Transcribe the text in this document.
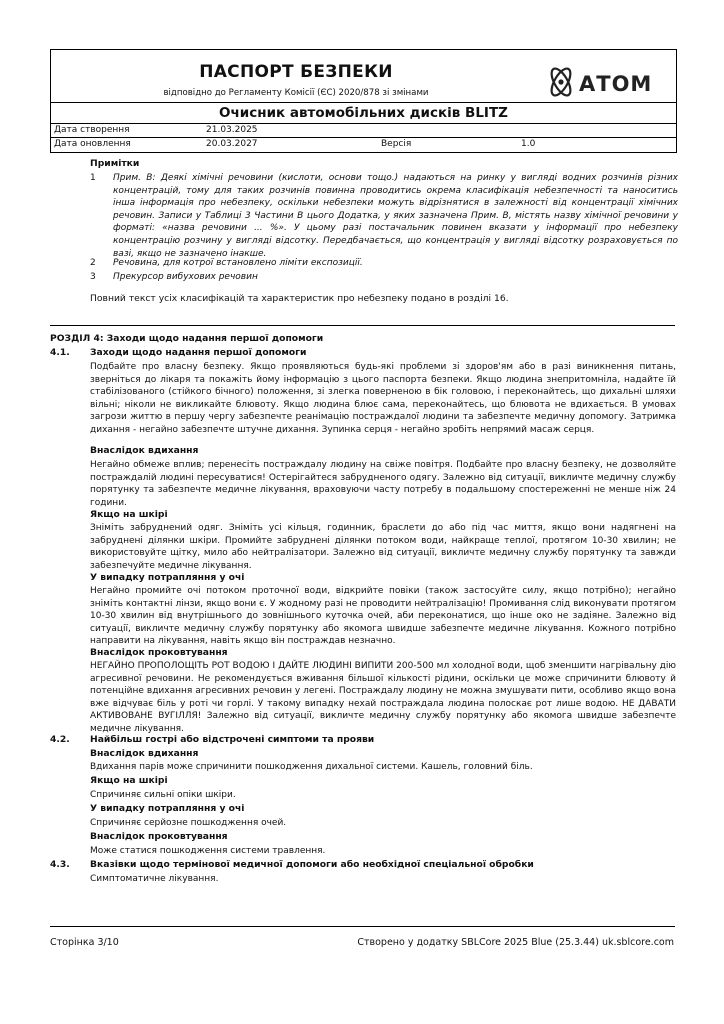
ПАСПОРТ БЕЗПЕКИ
відповідно до Регламенту Комісії (ЄС) 2020/878 зі змінами	АТОМ
Очисник автомобільних дисків BLITZ
Дата створення	21.03.2025
Дата оновлення	20.03.2027	Версія	1.0
Примітки
1 Прим. В: Деякі хімічні речовини (кислоти, основи тощо.) надаються на ринку у вигляді водних розчинів різних концентрацій, тому для таких розчинів повинна проводитись окрема класифікація небезпечності та наноситись інша інформація про небезпеку, оскільки небезпеки можуть відрізнятися в залежності від концентрації хімічних речовин. Записи у Таблиці 3 Частини В цього Додатка, у яких зазначена Прим. В, містять назву хімічної речовини у форматі: «назва речовини ... %». У цьому разі постачальник повинен вказати у інформації про небезпеку концентрацію розчину у вигляді відсотку. Передбачається, що концентрація у вигляді відсотку розраховується по вазі, якщо не зазначено інакше.
2 Речовина, для котрої встановлено ліміти експозиції.
3 Прекурсор вибухових речовин
Повний текст усіх класифікацій та характеристик про небезпеку подано в розділі 16.
РОЗДІЛ 4: Заходи щодо надання першої допомоги
4.1. Заходи щодо надання першої допомоги
Подбайте про власну безпеку. Якщо проявляються будь-які проблеми зі здоров'ям або в разі виникнення питань, зверніться до лікаря та покажіть йому інформацію з цього паспорта безпеки. Якщо людина знепритомніла, надайте їй стабілізованого (стійкого бічного) положення, зі злегка поверненою в бік головою, і переконайтесь, що дихальні шляхи вільні; ніколи не викликайте блювоту. Якщо людина блює сама, переконайтесь, що блювота не вдихається. В умовах загрози життю в першу чергу забезпечте реанімацію постраждалої людини та забезпечте медичну допомогу. Затримка дихання - негайно забезпечте штучне дихання. Зупинка серця - негайно зробіть непрямий масаж серця.
Внаслідок вдихання
Негайно обмеже вплив; перенесіть постраждалу людину на свіже повітря. Подбайте про власну безпеку, не дозволяйте постраждалій людині пересуватися! Остерігайтеся забрудненого одягу. Залежно від ситуації, викличте медичну службу порятунку та забезпечте медичне лікування, враховуючи часту потребу в подальшому спостереженні не менше ніж 24 години.
Якщо на шкірі
Зніміть забруднений одяг. Зніміть усі кільця, годинник, браслети до або під час миття, якщо вони надягнені на забруднені ділянки шкіри. Промийте забруднені ділянки потоком води, найкраще теплої, протягом 10-30 хвилин; не використовуйте щітку, мило або нейтралізатори. Залежно від ситуації, викличте медичну службу порятунку та завжди забезпечуйте медичне лікування.
У випадку потрапляння у очі
Негайно промийте очі потоком проточної води, відкрийте повіки (також застосуйте силу, якщо потрібно); негайно зніміть контактні лінзи, якщо вони є. У жодному разі не проводити нейтралізацію! Промивання слід виконувати протягом 10-30 хвилин від внутрішнього до зовнішнього куточка очей, аби переконатися, що інше око не задіяне. Залежно від ситуації, викличте медичну службу порятунку або якомога швидше забезпечте медичне лікування. Кожного потрібно направити на лікування, навіть якщо він постраждав незначно.
Внаслідок проковтування
НЕГАЙНО ПРОПОЛОЩІТЬ РОТ ВОДОЮ І ДАЙТЕ ЛЮДИНІ ВИПИТИ 200-500 мл холодної води, щоб зменшити нагрівальну дію агресивної речовини. Не рекомендується вживання більшої кількості рідини, оскільки це може спричинити блювоту й потенційне вдихання агресивних речовин у легені. Постраждалу людину не можна змушувати пити, особливо якщо вона вже відчуває біль у роті чи горлі. У такому випадку нехай постраждала людина полоскає рот лише водою. НЕ ДАВАТИ АКТИВОВАНЕ ВУГІЛЛЯ! Залежно від ситуації, викличте медичну службу порятунку або якомога швидше забезпечте медичне лікування.
4.2. Найбільш гострі або відстрочені симптоми та прояви
Внаслідок вдихання
Вдихання парів може спричинити пошкодження дихальної системи. Кашель, головний біль.
Якщо на шкірі
Спричиняє сильні опіки шкіри.
У випадку потрапляння у очі
Спричиняє серйозне пошкодження очей.
Внаслідок проковтування
Може статися пошкодження системи травлення.
4.3. Вказівки щодо термінової медичної допомоги або необхідної спеціальної обробки
Симптоматичне лікування.
Сторінка 3/10	Створено у додатку SBLCore 2025 Blue (25.3.44) uk.sblcore.com
